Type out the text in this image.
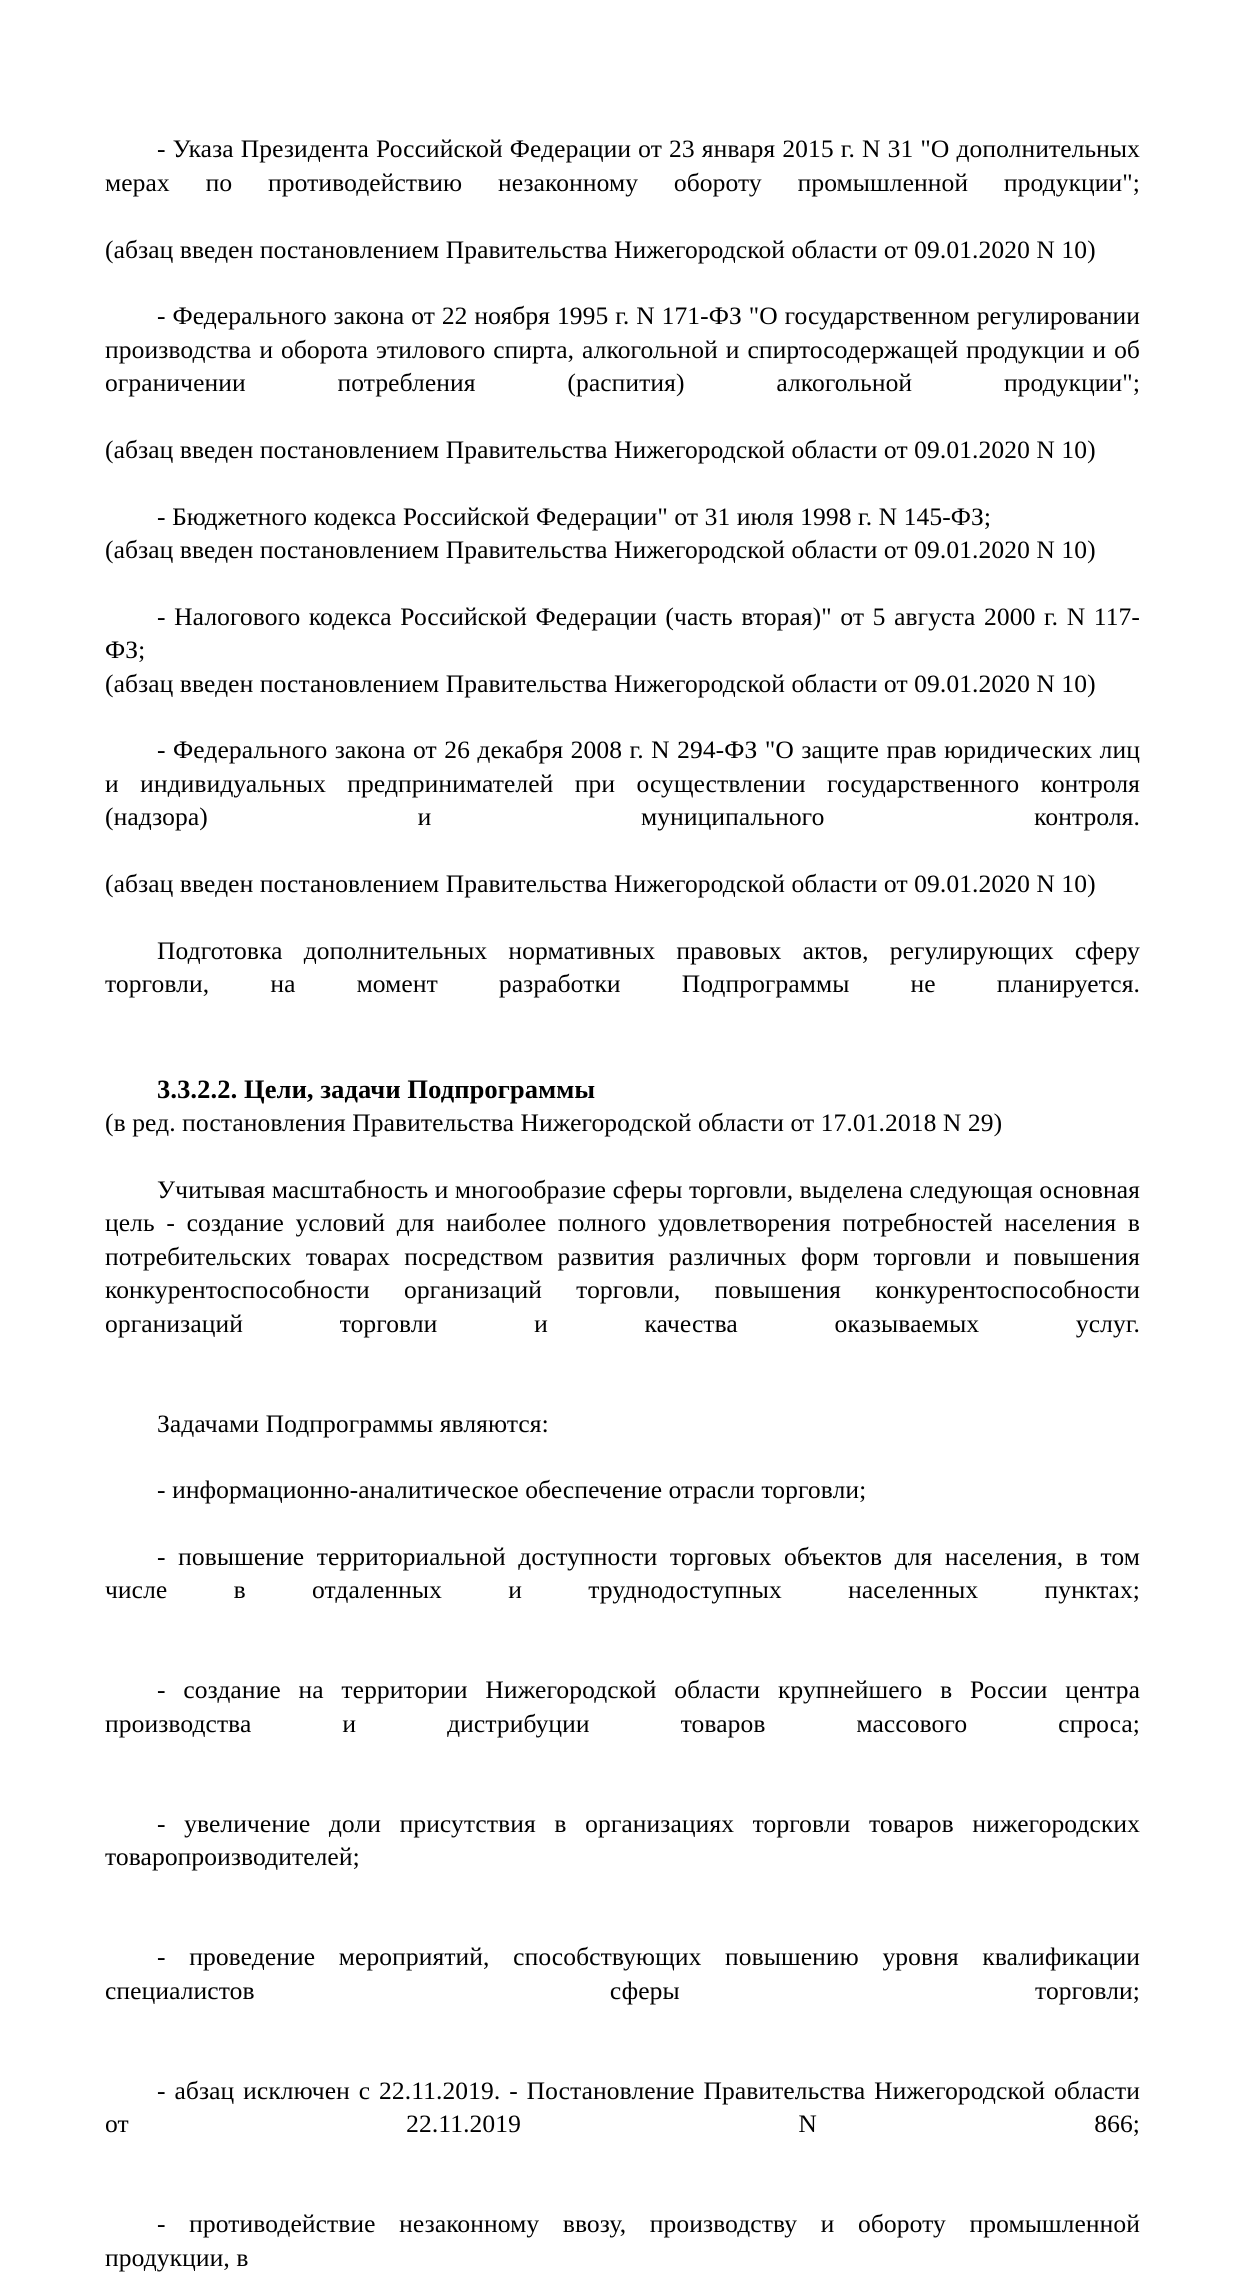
- Указа Президента Российской Федерации от 23 января 2015 г. N 31 "О дополнительных мерах по противодействию незаконному обороту промышленной продукции";

(абзац введен постановлением Правительства Нижегородской области от 09.01.2020 N 10)

- Федерального закона от 22 ноября 1995 г. N 171-ФЗ "О государственном регулировании производства и оборота этилового спирта, алкогольной и спиртосодержащей продукции и об ограничении потребления (распития) алкогольной продукции";

(абзац введен постановлением Правительства Нижегородской области от 09.01.2020 N 10)

- Бюджетного кодекса Российской Федерации" от 31 июля 1998 г. N 145-ФЗ;

(абзац введен постановлением Правительства Нижегородской области от 09.01.2020 N 10)

- Налогового кодекса Российской Федерации (часть вторая)" от 5 августа 2000 г. N 117-ФЗ;

(абзац введен постановлением Правительства Нижегородской области от 09.01.2020 N 10)

- Федерального закона от 26 декабря 2008 г. N 294-ФЗ "О защите прав юридических лиц и индивидуальных предпринимателей при осуществлении государственного контроля (надзора) и муниципального контроля.

(абзац введен постановлением Правительства Нижегородской области от 09.01.2020 N 10)

Подготовка дополнительных нормативных правовых актов, регулирующих сферу торговли, на момент разработки Подпрограммы не планируется.

3.3.2.2. Цели, задачи Подпрограммы

(в ред. постановления Правительства Нижегородской области от 17.01.2018 N 29)

Учитывая масштабность и многообразие сферы торговли, выделена следующая основная цель - создание условий для наиболее полного удовлетворения потребностей населения в потребительских товарах посредством развития различных форм торговли и повышения конкурентоспособности организаций торговли, повышения конкурентоспособности организаций торговли и качества оказываемых услуг.

Задачами Подпрограммы являются:

- информационно-аналитическое обеспечение отрасли торговли;

- повышение территориальной доступности торговых объектов для населения, в том числе в отдаленных и труднодоступных населенных пунктах;

- создание на территории Нижегородской области крупнейшего в России центра производства и дистрибуции товаров массового спроса;

- увеличение доли присутствия в организациях торговли товаров нижегородских товаропроизводителей;

- проведение мероприятий, способствующих повышению уровня квалификации специалистов сферы торговли;

- абзац исключен с 22.11.2019. - Постановление Правительства Нижегородской области от 22.11.2019 N 866;

- противодействие незаконному ввозу, производству и обороту промышленной продукции, в
